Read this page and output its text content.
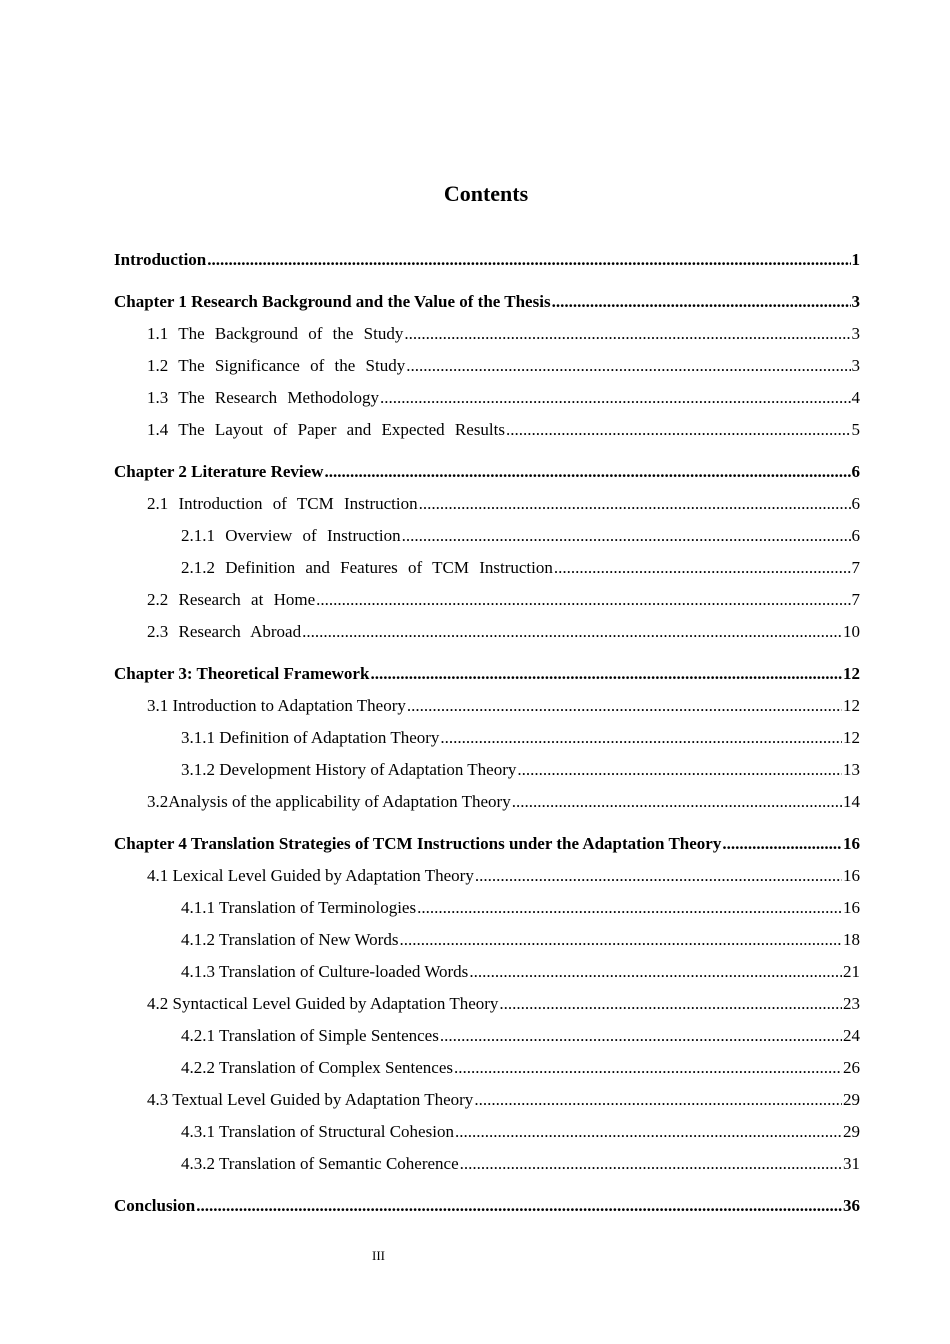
Contents
Introduction .....	1
Chapter 1 Research Background and the Value of the Thesis .....	3
1.1 The Background of the Study .....	3
1.2 The Significance of the Study .....	3
1.3 The Research Methodology .....	4
1.4 The Layout of Paper and Expected Results .....	5
Chapter 2 Literature Review .....	6
2.1 Introduction of TCM Instruction .....	6
2.1.1 Overview of Instruction .....	6
2.1.2 Definition and Features of TCM Instruction .....	7
2.2 Research at Home .....	7
2.3 Research Abroad .....	10
Chapter 3: Theoretical Framework .....	12
3.1 Introduction to Adaptation Theory .....	12
3.1.1 Definition of Adaptation Theory .....	12
3.1.2 Development History of Adaptation Theory .....	13
3.2Analysis of the applicability of Adaptation Theory .....	14
Chapter 4 Translation Strategies of TCM Instructions under the Adaptation Theory .....	16
4.1 Lexical Level Guided by Adaptation Theory .....	16
4.1.1 Translation of Terminologies .....	16
4.1.2 Translation of New Words .....	18
4.1.3 Translation of Culture-loaded Words .....	21
4.2 Syntactical Level Guided by Adaptation Theory .....	23
4.2.1 Translation of Simple Sentences .....	24
4.2.2 Translation of Complex Sentences .....	26
4.3 Textual Level Guided by Adaptation Theory .....	29
4.3.1 Translation of Structural Cohesion .....	29
4.3.2 Translation of Semantic Coherence .....	31
Conclusion .....	36
III
